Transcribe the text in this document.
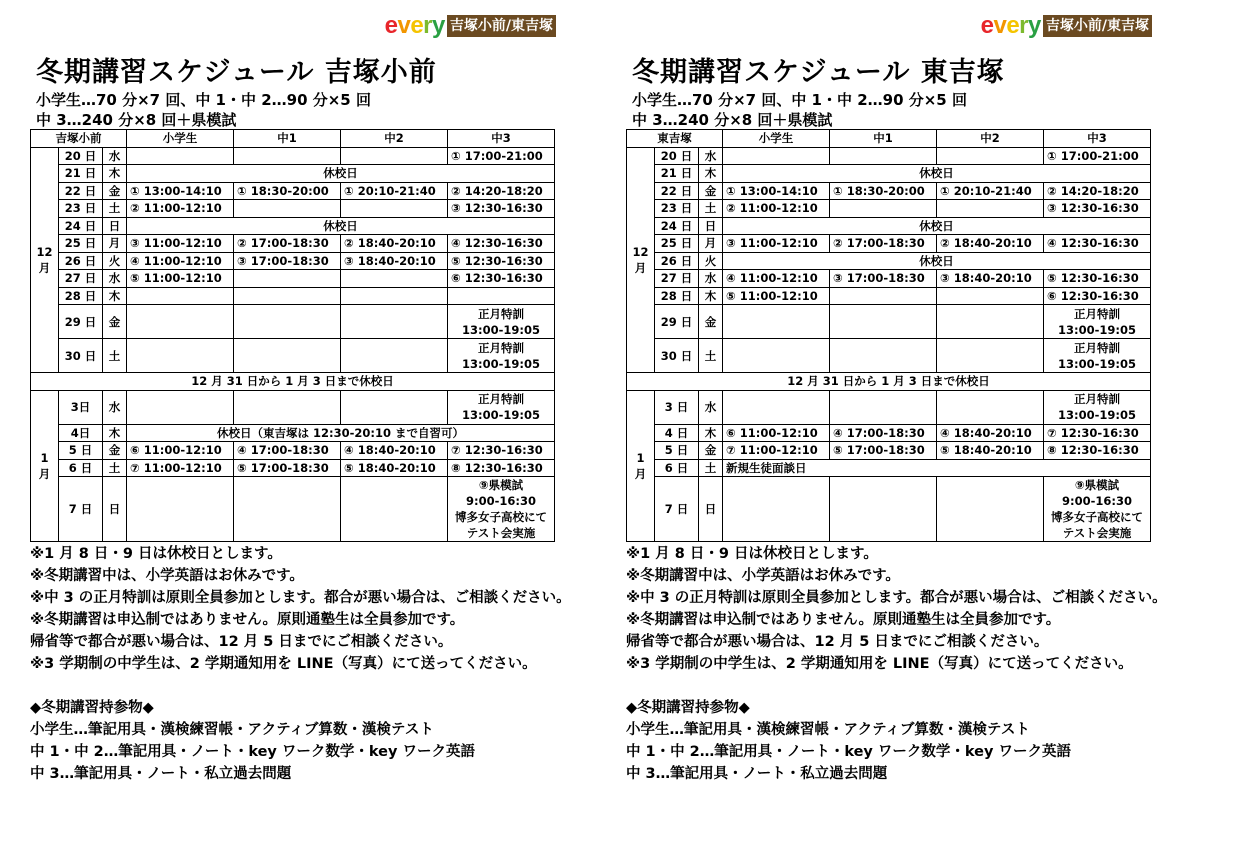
every 吉塚小前/東吉塚
冬期講習スケジュール 吉塚小前
小学生…70 分×7 回、中 1・中 2…90 分×5 回
中 3…240 分×8 回＋県模試
吉塚小前			小学生	中1	中2	中3
12
月	20 日	水				① 17:00-21:00
	21 日	木	休校日			
	22 日	金	① 13:00-14:10	① 18:30-20:00	① 20:10-21:40	② 14:20-18:20
	23 日	土	② 11:00-12:10			③ 12:30-16:30
	24 日	日	休校日			
	25 日	月	③ 11:00-12:10	② 17:00-18:30	② 18:40-20:10	④ 12:30-16:30
	26 日	火	④ 11:00-12:10	③ 17:00-18:30	③ 18:40-20:10	⑤ 12:30-16:30
	27 日	水	⑤ 11:00-12:10			⑥ 12:30-16:30
	28 日	木				
	29 日	金				正月特訓
13:00-19:05
	30 日	土				正月特訓
13:00-19:05
12 月 31 日から 1 月 3 日まで休校日						
1
月	3日	水				正月特訓
13:00-19:05
	4日	木	休校日（東吉塚は 12:30-20:10 まで自習可）			
	5 日	金	⑥ 11:00-12:10	④ 17:00-18:30	④ 18:40-20:10	⑦ 12:30-16:30
	6 日	土	⑦ 11:00-12:10	⑤ 17:00-18:30	⑤ 18:40-20:10	⑧ 12:30-16:30
	7 日	日				⑨県模試
9:00-16:30
博多女子高校にて
テスト会実施
※1 月 8 日・9 日は休校日とします。
※冬期講習中は、小学英語はお休みです。
※中 3 の正月特訓は原則全員参加とします。都合が悪い場合は、ご相談ください。
※冬期講習は申込制ではありません。原則通塾生は全員参加です。
帰省等で都合が悪い場合は、12 月 5 日までにご相談ください。
※3 学期制の中学生は、2 学期通知用を LINE（写真）にて送ってください。
◆冬期講習持参物◆
小学生…筆記用具・漢検練習帳・アクティブ算数・漢検テスト
中 1・中 2…筆記用具・ノート・key ワーク数学・key ワーク英語
中 3…筆記用具・ノート・私立過去問題
every 吉塚小前/東吉塚
冬期講習スケジュール 東吉塚
小学生…70 分×7 回、中 1・中 2…90 分×5 回
中 3…240 分×8 回＋県模試
東吉塚			小学生	中1	中2	中3
12
月	20 日	水				① 17:00-21:00
	21 日	木	休校日			
	22 日	金	① 13:00-14:10	① 18:30-20:00	① 20:10-21:40	② 14:20-18:20
	23 日	土	② 11:00-12:10			③ 12:30-16:30
	24 日	日	休校日			
	25 日	月	③ 11:00-12:10	② 17:00-18:30	② 18:40-20:10	④ 12:30-16:30
	26 日	火	休校日			
	27 日	水	④ 11:00-12:10	③ 17:00-18:30	③ 18:40-20:10	⑤ 12:30-16:30
	28 日	木	⑤ 11:00-12:10			⑥ 12:30-16:30
	29 日	金				正月特訓
13:00-19:05
	30 日	土				正月特訓
13:00-19:05
12 月 31 日から 1 月 3 日まで休校日						
1
月	3 日	水				正月特訓
13:00-19:05
	4 日	木	⑥ 11:00-12:10	④ 17:00-18:30	④ 18:40-20:10	⑦ 12:30-16:30
	5 日	金	⑦ 11:00-12:10	⑤ 17:00-18:30	⑤ 18:40-20:10	⑧ 12:30-16:30
	6 日	土	新規生徒面談日			
	7 日	日				⑨県模試
9:00-16:30
博多女子高校にて
テスト会実施
※1 月 8 日・9 日は休校日とします。
※冬期講習中は、小学英語はお休みです。
※中 3 の正月特訓は原則全員参加とします。都合が悪い場合は、ご相談ください。
※冬期講習は申込制ではありません。原則通塾生は全員参加です。
帰省等で都合が悪い場合は、12 月 5 日までにご相談ください。
※3 学期制の中学生は、2 学期通知用を LINE（写真）にて送ってください。
◆冬期講習持参物◆
小学生…筆記用具・漢検練習帳・アクティブ算数・漢検テスト
中 1・中 2…筆記用具・ノート・key ワーク数学・key ワーク英語
中 3…筆記用具・ノート・私立過去問題
